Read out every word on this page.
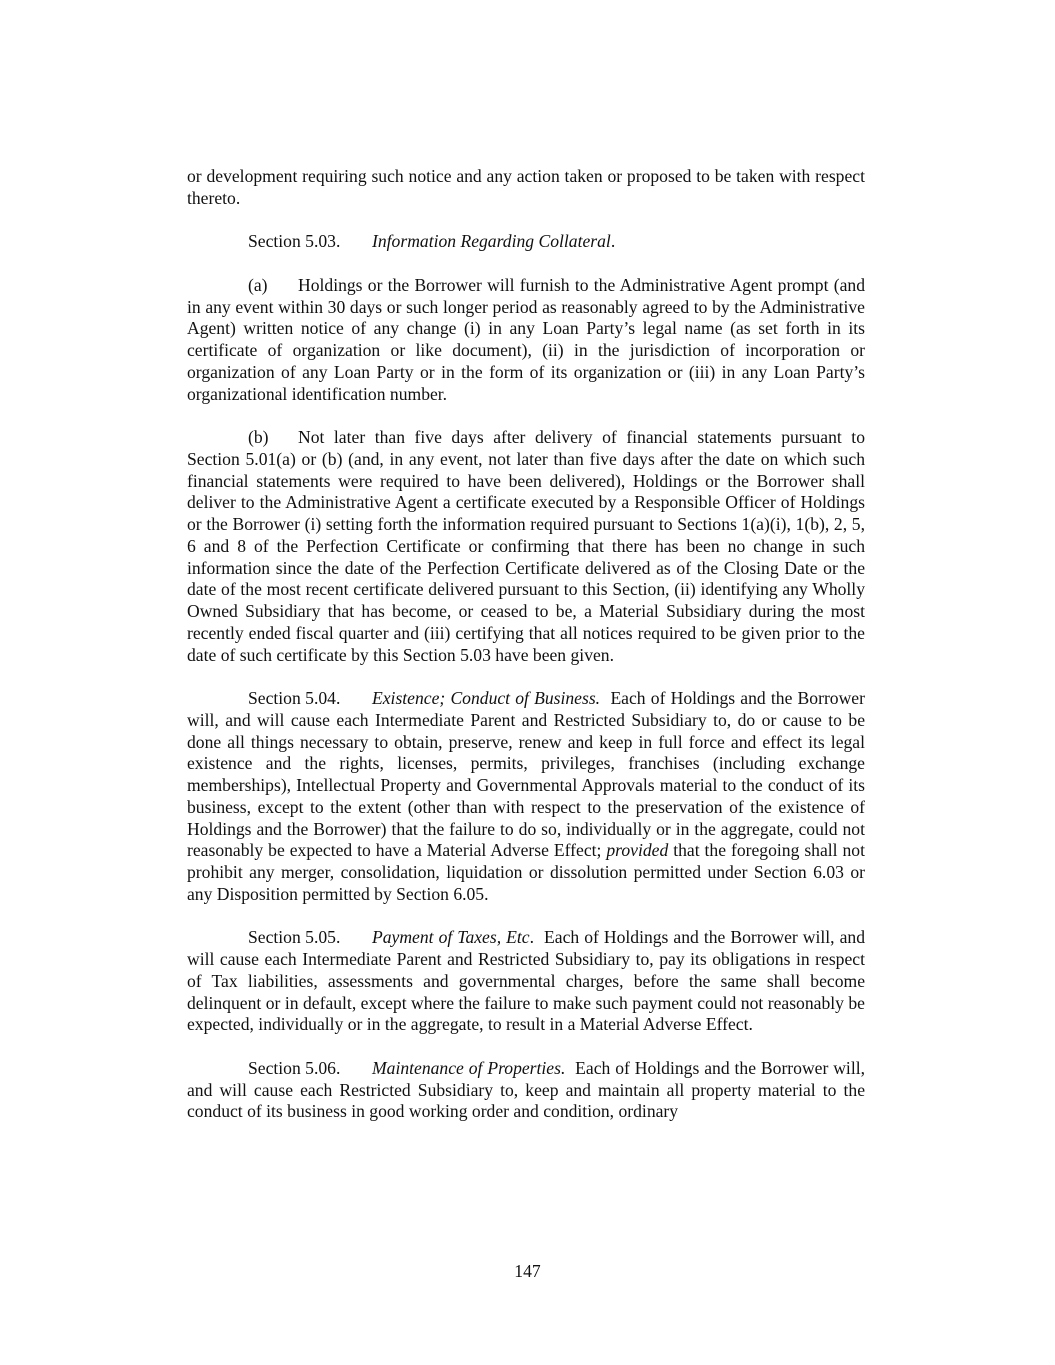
or development requiring such notice and any action taken or proposed to be taken with respect thereto.

Section 5.03. Information Regarding Collateral.

(a) Holdings or the Borrower will furnish to the Administrative Agent prompt (and in any event within 30 days or such longer period as reasonably agreed to by the Administrative Agent) written notice of any change (i) in any Loan Party’s legal name (as set forth in its certificate of organization or like document), (ii) in the jurisdiction of incorporation or organization of any Loan Party or in the form of its organization or (iii) in any Loan Party’s organizational identification number.

(b) Not later than five days after delivery of financial statements pursuant to Section 5.01(a) or (b) (and, in any event, not later than five days after the date on which such financial statements were required to have been delivered), Holdings or the Borrower shall deliver to the Administrative Agent a certificate executed by a Responsible Officer of Holdings or the Borrower (i) setting forth the information required pursuant to Sections 1(a)(i), 1(b), 2, 5, 6 and 8 of the Perfection Certificate or confirming that there has been no change in such information since the date of the Perfection Certificate delivered as of the Closing Date or the date of the most recent certificate delivered pursuant to this Section, (ii) identifying any Wholly Owned Subsidiary that has become, or ceased to be, a Material Subsidiary during the most recently ended fiscal quarter and (iii) certifying that all notices required to be given prior to the date of such certificate by this Section 5.03 have been given.

Section 5.04. Existence; Conduct of Business. Each of Holdings and the Borrower will, and will cause each Intermediate Parent and Restricted Subsidiary to, do or cause to be done all things necessary to obtain, preserve, renew and keep in full force and effect its legal existence and the rights, licenses, permits, privileges, franchises (including exchange memberships), Intellectual Property and Governmental Approvals material to the conduct of its business, except to the extent (other than with respect to the preservation of the existence of Holdings and the Borrower) that the failure to do so, individually or in the aggregate, could not reasonably be expected to have a Material Adverse Effect; provided that the foregoing shall not prohibit any merger, consolidation, liquidation or dissolution permitted under Section 6.03 or any Disposition permitted by Section 6.05.

Section 5.05. Payment of Taxes, Etc. Each of Holdings and the Borrower will, and will cause each Intermediate Parent and Restricted Subsidiary to, pay its obligations in respect of Tax liabilities, assessments and governmental charges, before the same shall become delinquent or in default, except where the failure to make such payment could not reasonably be expected, individually or in the aggregate, to result in a Material Adverse Effect.

Section 5.06. Maintenance of Properties. Each of Holdings and the Borrower will, and will cause each Restricted Subsidiary to, keep and maintain all property material to the conduct of its business in good working order and condition, ordinary

147
